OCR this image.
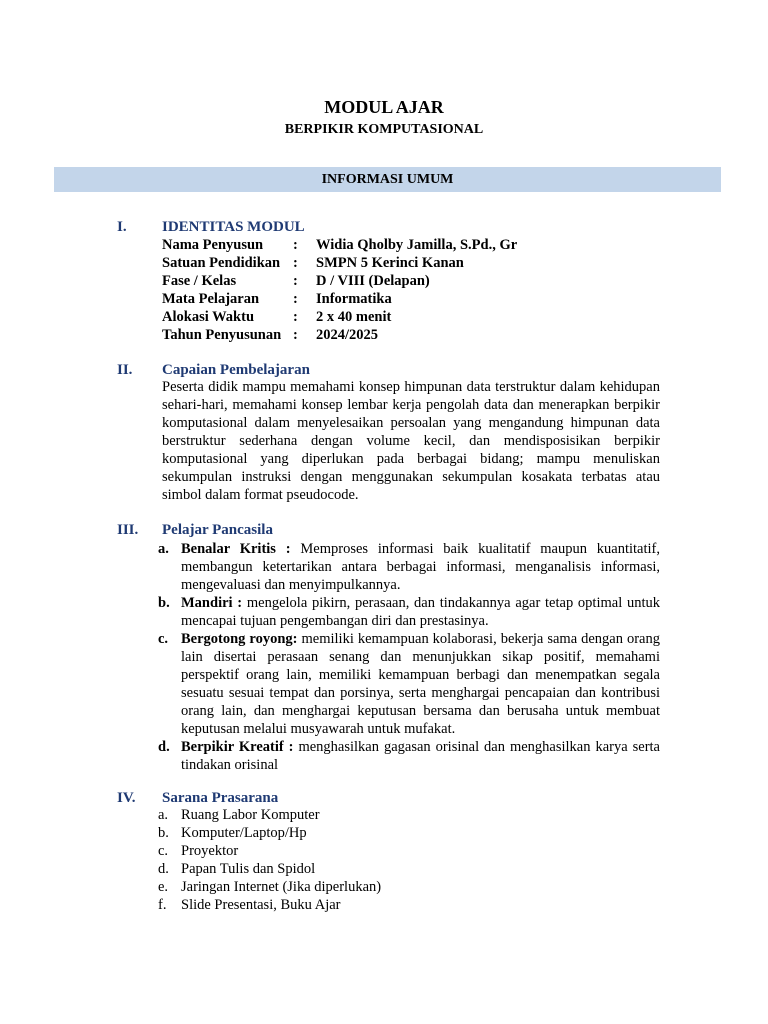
MODUL AJAR
BERPIKIR KOMPUTASIONAL
INFORMASI UMUM
I. IDENTITAS MODUL
Nama Penyusun	:	Widia Qholby Jamilla, S.Pd., Gr
Satuan Pendidikan :	SMPN 5 Kerinci Kanan
Fase / Kelas	:	D / VIII (Delapan)
Mata Pelajaran	:	Informatika
Alokasi Waktu	:	2 x 40 menit
Tahun Penyusunan :	2024/2025
II. Capaian Pembelajaran
Peserta didik mampu memahami konsep himpunan data terstruktur dalam kehidupan sehari-hari, memahami konsep lembar kerja pengolah data dan menerapkan berpikir komputasional dalam menyelesaikan persoalan yang mengandung himpunan data berstruktur sederhana dengan volume kecil, dan mendisposisikan berpikir komputasional yang diperlukan pada berbagai bidang; mampu menuliskan sekumpulan instruksi dengan menggunakan sekumpulan kosakata terbatas atau simbol dalam format pseudocode.
III. Pelajar Pancasila
a. Benalar Kritis : Memproses informasi baik kualitatif maupun kuantitatif, membangun ketertarikan antara berbagai informasi, menganalisis informasi, mengevaluasi dan menyimpulkannya.
b. Mandiri : mengelola pikirn, perasaan, dan tindakannya agar tetap optimal untuk mencapai tujuan pengembangan diri dan prestasinya.
c. Bergotong royong: memiliki kemampuan kolaborasi, bekerja sama dengan orang lain disertai perasaan senang dan menunjukkan sikap positif, memahami perspektif orang lain, memiliki kemampuan berbagi dan menempatkan segala sesuatu sesuai tempat dan porsinya, serta menghargai pencapaian dan kontribusi orang lain, dan menghargai keputusan bersama dan berusaha untuk membuat keputusan melalui musyawarah untuk mufakat.
d. Berpikir Kreatif : menghasilkan gagasan orisinal dan menghasilkan karya serta tindakan orisinal
IV. Sarana Prasarana
a. Ruang Labor Komputer
b. Komputer/Laptop/Hp
c. Proyektor
d. Papan Tulis dan Spidol
e. Jaringan Internet (Jika diperlukan)
f. Slide Presentasi, Buku Ajar
